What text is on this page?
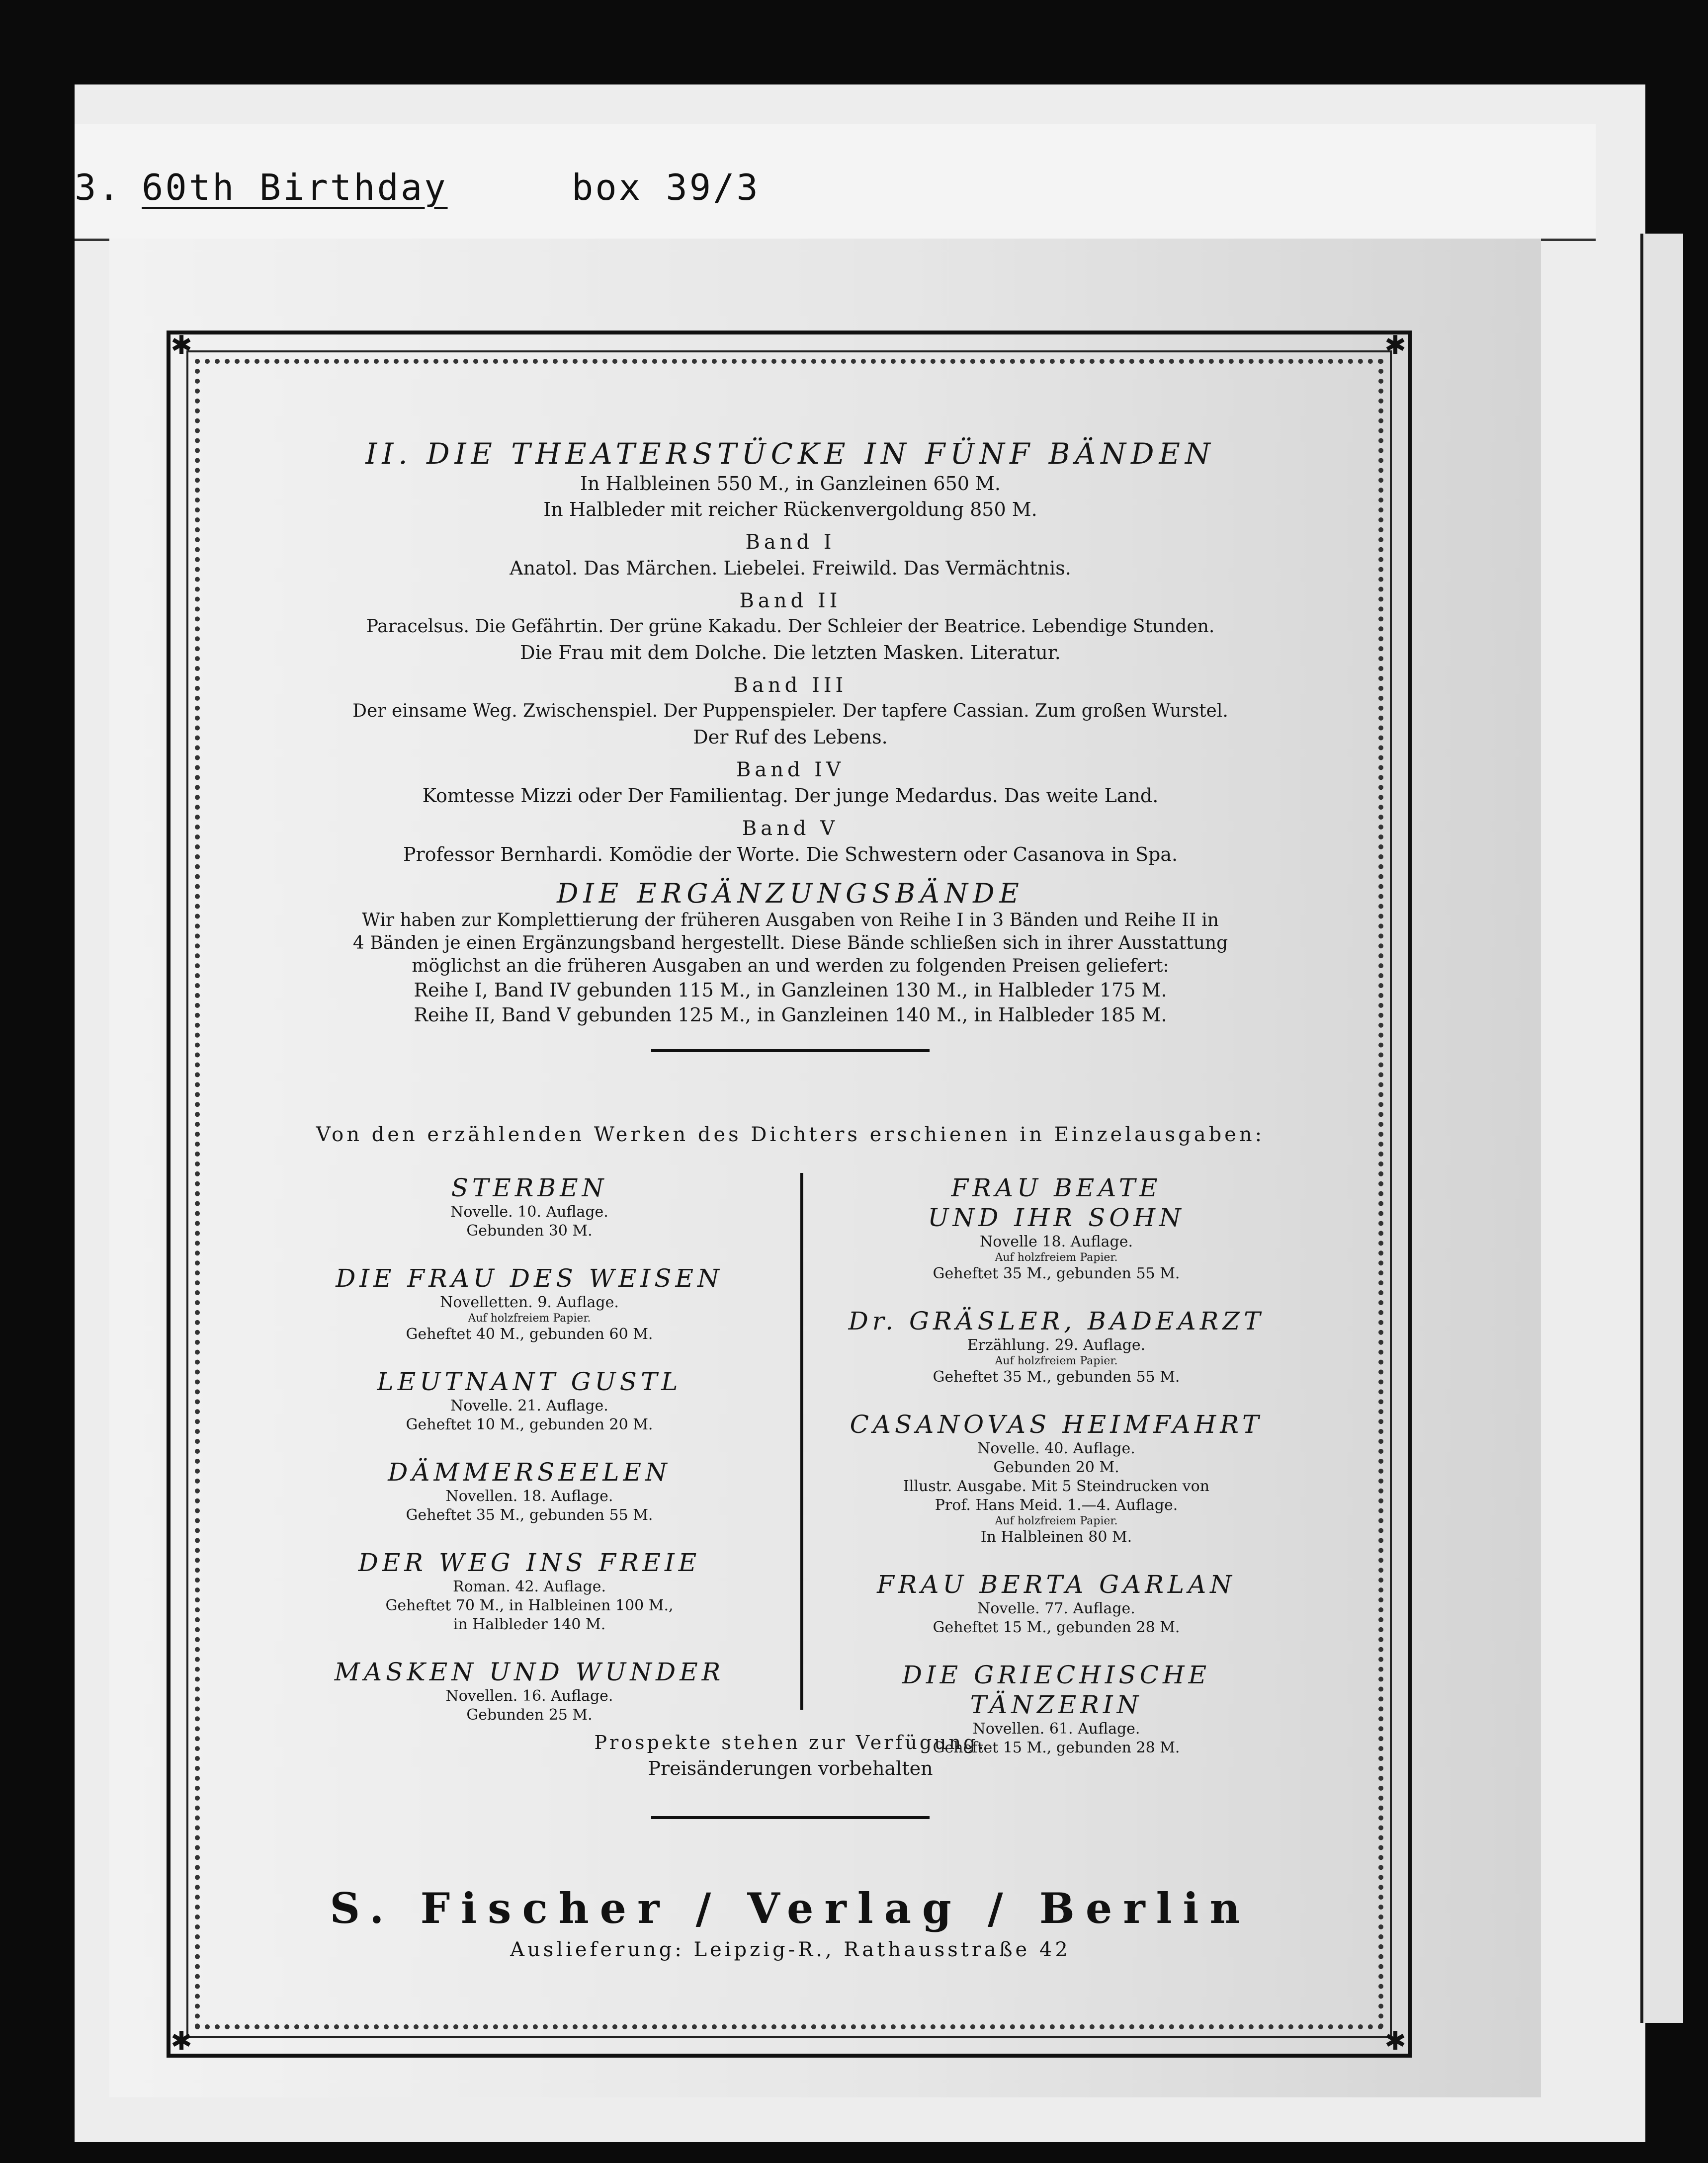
3. 60th Birthday	box 39/3
✱	✱
✱	✱

II. DIE THEATERSTÜCKE IN FÜNF BÄNDEN

In Halbleinen 550 M., in Ganzleinen 650 M.

In Halbleder mit reicher Rückenvergoldung 850 M.

Band I

Anatol. Das Märchen. Liebelei. Freiwild. Das Vermächtnis.

Band II

Paracelsus. Die Gefährtin. Der grüne Kakadu. Der Schleier der Beatrice. Lebendige Stunden.

Die Frau mit dem Dolche. Die letzten Masken. Literatur.

Band III

Der einsame Weg. Zwischenspiel. Der Puppenspieler. Der tapfere Cassian. Zum großen Wurstel.

Der Ruf des Lebens.

Band IV

Komtesse Mizzi oder Der Familientag. Der junge Medardus. Das weite Land.

Band V

Professor Bernhardi. Komödie der Worte. Die Schwestern oder Casanova in Spa.

DIE ERGÄNZUNGSBÄNDE

Wir haben zur Komplettierung der früheren Ausgaben von Reihe I in 3 Bänden und Reihe II in

4 Bänden je einen Ergänzungsband hergestellt. Diese Bände schließen sich in ihrer Ausstattung

möglichst an die früheren Ausgaben an und werden zu folgenden Preisen geliefert:

Reihe I, Band IV gebunden 115 M., in Ganzleinen 130 M., in Halbleder 175 M.

Reihe II, Band V gebunden 125 M., in Ganzleinen 140 M., in Halbleder 185 M.

Von den erzählenden Werken des Dichters erschienen in Einzelausgaben:

STERBEN

Novelle. 10. Auflage.

Gebunden 30 M.

DIE FRAU DES WEISEN

Novelletten. 9. Auflage.

Auf holzfreiem Papier.

Geheftet 40 M., gebunden 60 M.

LEUTNANT GUSTL

Novelle. 21. Auflage.

Geheftet 10 M., gebunden 20 M.

DÄMMERSEELEN

Novellen. 18. Auflage.

Geheftet 35 M., gebunden 55 M.

DER WEG INS FREIE

Roman. 42. Auflage.

Geheftet 70 M., in Halbleinen 100 M.,

in Halbleder 140 M.

MASKEN UND WUNDER

Novellen. 16. Auflage.

Gebunden 25 M.

FRAU BEATE

UND IHR SOHN

Novelle 18. Auflage.

Auf holzfreiem Papier.

Geheftet 35 M., gebunden 55 M.

Dr. GRÄSLER, BADEARZT

Erzählung. 29. Auflage.

Auf holzfreiem Papier.

Geheftet 35 M., gebunden 55 M.

CASANOVAS HEIMFAHRT

Novelle. 40. Auflage.

Gebunden 20 M.

Illustr. Ausgabe. Mit 5 Steindrucken von

Prof. Hans Meid. 1.—4. Auflage.

Auf holzfreiem Papier.

In Halbleinen 80 M.

FRAU BERTA GARLAN

Novelle. 77. Auflage.

Geheftet 15 M., gebunden 28 M.

DIE GRIECHISCHE

TÄNZERIN

Novellen. 61. Auflage.

Geheftet 15 M., gebunden 28 M.

Prospekte stehen zur Verfügung.

Preisänderungen vorbehalten

S. Fischer / Verlag / Berlin

Auslieferung: Leipzig-R., Rathausstraße 42
